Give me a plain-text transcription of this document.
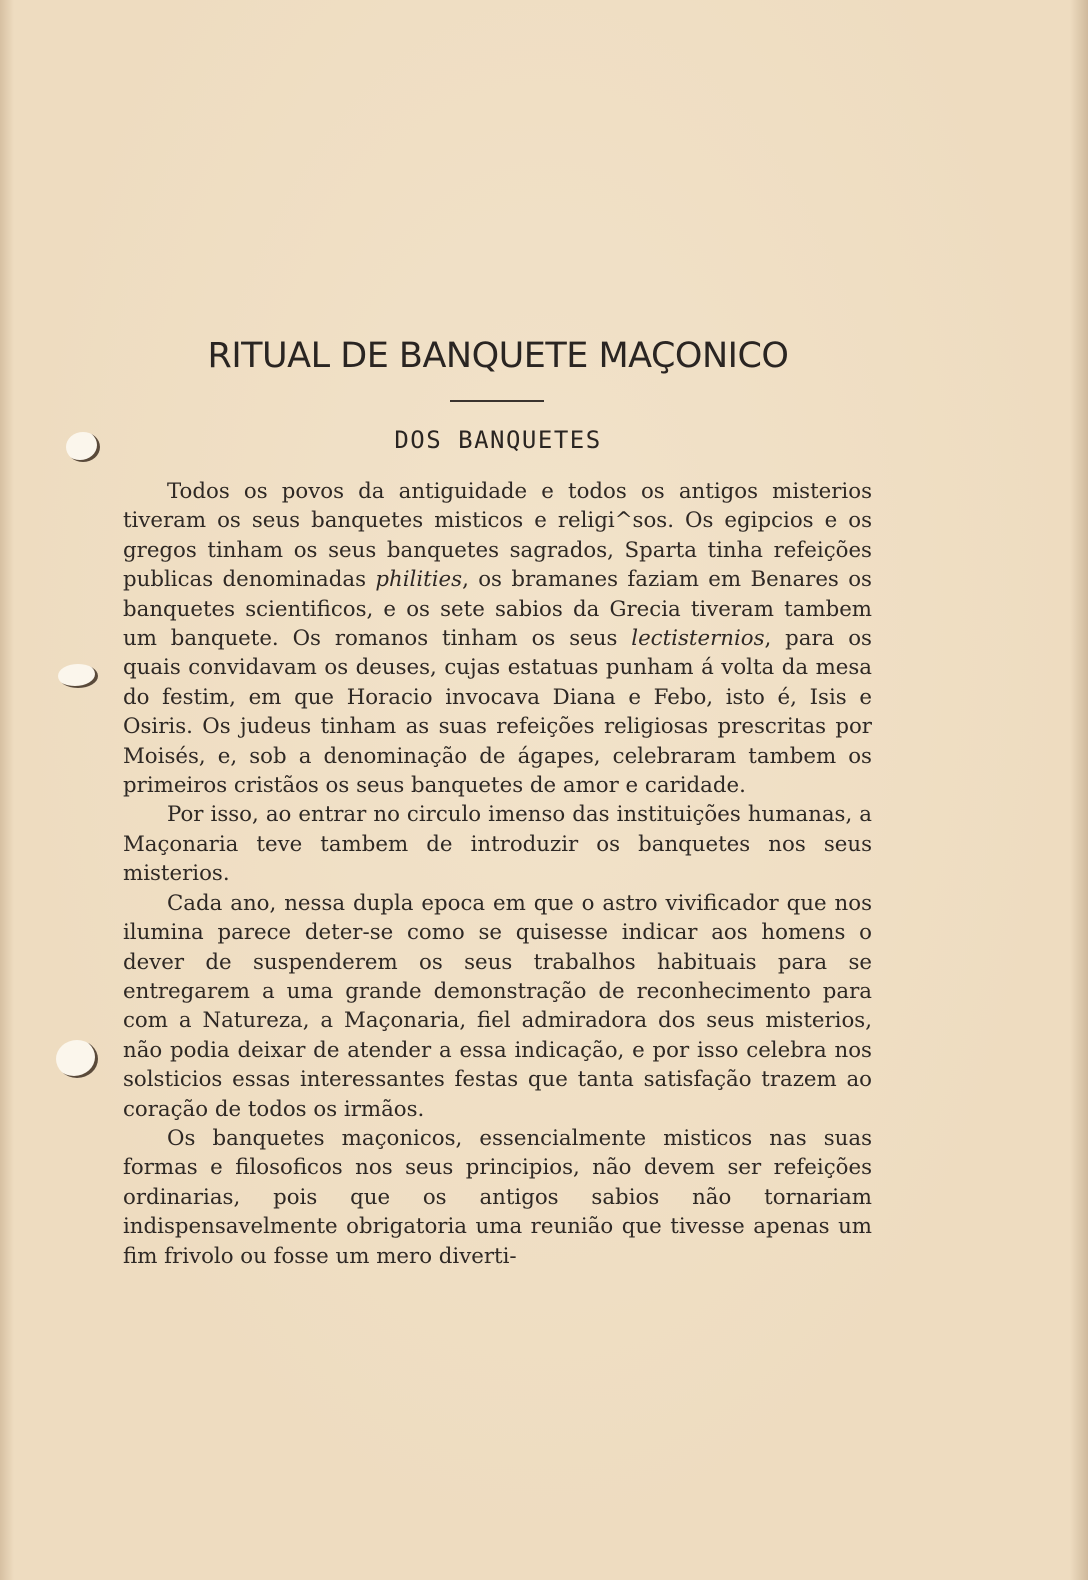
RITUAL DE BANQUETE MAÇONICO
DOS BANQUETES

Todos os povos da antiguidade e todos os antigos misterios tiveram os seus banquetes misticos e religi^sos. Os egipcios e os gregos tinham os seus banquetes sagrados, Sparta tinha refeições publicas denominadas philities, os bramanes faziam em Benares os banquetes scientificos, e os sete sabios da Grecia tiveram tambem um banquete. Os romanos tinham os seus lectisternios, para os quais convidavam os deuses, cujas estatuas punham á volta da mesa do festim, em que Horacio invocava Diana e Febo, isto é, Isis e Osiris. Os judeus tinham as suas refeições religiosas prescritas por Moisés, e, sob a denominação de ágapes, celebraram tambem os primeiros cristãos os seus banquetes de amor e caridade.

Por isso, ao entrar no circulo imenso das instituições humanas, a Maçonaria teve tambem de introduzir os banquetes nos seus misterios.

Cada ano, nessa dupla epoca em que o astro vivificador que nos ilumina parece deter-se como se quisesse indicar aos homens o dever de suspenderem os seus trabalhos habituais para se entregarem a uma grande demonstração de reconhecimento para com a Natureza, a Maçonaria, fiel admiradora dos seus misterios, não podia deixar de atender a essa indicação, e por isso celebra nos solsticios essas interessantes festas que tanta satisfação trazem ao coração de todos os irmãos.

Os banquetes maçonicos, essencialmente misticos nas suas formas e filosoficos nos seus principios, não devem ser refeições ordinarias, pois que os antigos sabios não tornariam indispensavelmente obrigatoria uma reunião que tivesse apenas um fim frivolo ou fosse um mero diverti-
